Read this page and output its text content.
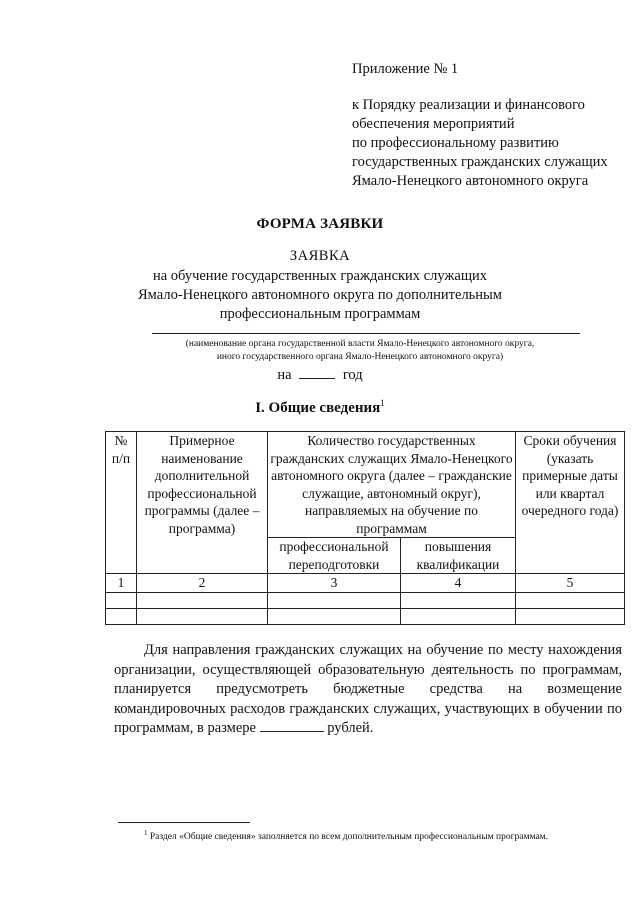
Приложение № 1
к Порядку реализации и финансового
обеспечения мероприятий
по профессиональному развитию
государственных гражданских служащих
Ямало-Ненецкого автономного округа
ФОРМА ЗАЯВКИ
ЗАЯВКА
на обучение государственных гражданских служащих
Ямало-Ненецкого автономного округа по дополнительным
профессиональным программам
(наименование органа государственной власти Ямало-Ненецкого автономного округа,
иного государственного органа Ямало-Ненецкого автономного округа)
на	год
I. Общие сведения$^1$
№ п/п	Примерное наименование дополнительной профессиональной программы (далее – программа)	Количество государственных гражданских служащих Ямало-Ненецкого автономного округа (далее – гражданские служащие, автономный округ), направляемых на обучение по программам		Сроки обучения (указать примерные даты или квартал очередного года)
		профессиональной переподготовки	повышения квалификации	
1	2	3	4	5

Для направления гражданских служащих на обучение по месту нахождения организации, осуществляющей образовательную деятельность по программам, планируется предусмотреть бюджетные средства на возмещение командировочных расходов гражданских служащих, участвующих в обучении по программам, в размере	рублей.
$^1$ Раздел «Общие сведения» заполняется по всем дополнительным профессиональным программам.
